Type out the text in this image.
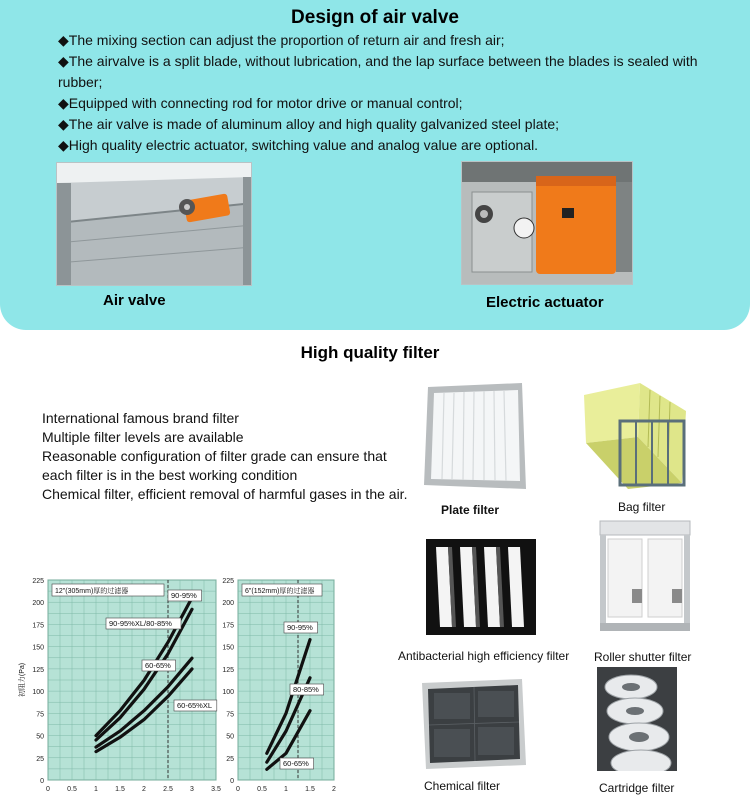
Design of air valve
◆The mixing section can adjust the proportion of return air and fresh air;
◆The airvalve is a split blade, without lubrication, and the lap surface between the blades is sealed with rubber;
◆Equipped with connecting rod for motor drive or manual control;
◆The air valve is made of aluminum alloy and high quality galvanized steel plate;
◆High quality electric actuator, switching value and analog value are optional.
Air valve	Electric actuator
High quality filter
International famous brand filter
Multiple filter levels are available
Reasonable configuration of filter grade can ensure that
each filter is in the best working condition
Chemical filter, efficient removal of harmful gases in the air.
Plate filter	Bag filter
Antibacterial high efficiency filter Roller shutter filter
Chemical filter	Cartridge filter
0
25
50
75
100
125
150
175
200
225
0 0.5 1 1.5 2 2.5 3 3.5
12"(305mm)厚的过滤器
初阻力(Pa)
90-95%
90-95%XL/80-85%
60-65%
60-65%XL
0
25
50
75
100
125
150
175
200
225
0 0.5 1 1.5 2
6"(152mm)厚的过滤器
90-95%
80-85%
60-65%
